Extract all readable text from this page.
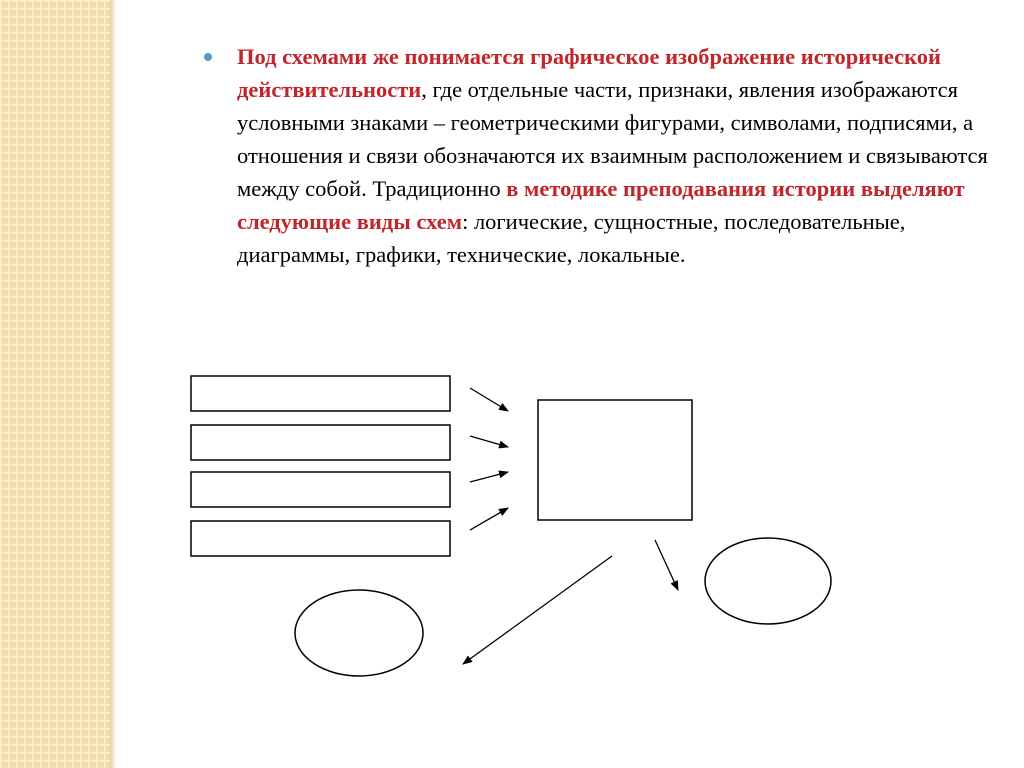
Под схемами же понимается графическое изображение исторической действительности, где отдельные части, признаки, явления изображаются условными знаками – геометрическими фигурами, символами, подписями, а отношения и связи обозначаются их взаимным расположением и связываются между собой. Традиционно в методике преподавания истории выделяют следующие виды схем: логические, сущностные, последовательные, диаграммы, графики, технические, локальные.
